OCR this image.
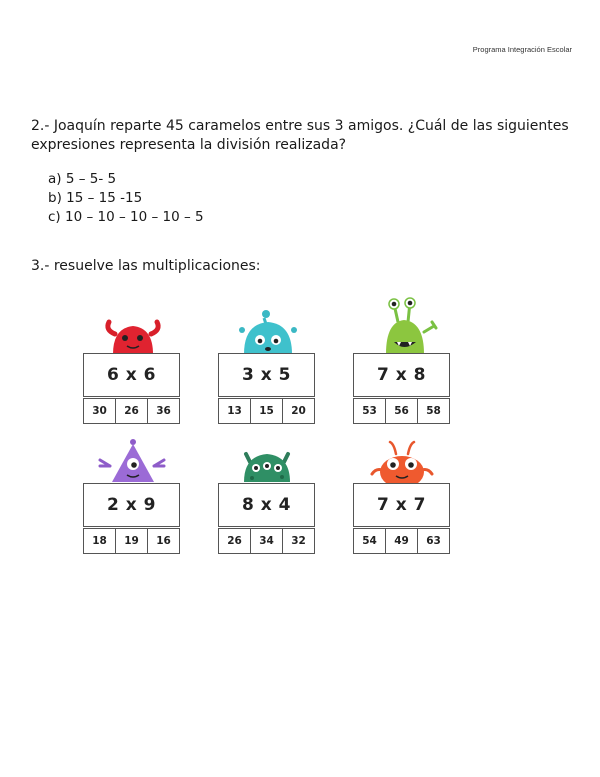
Programa Integración Escolar
2.- Joaquín reparte 45 caramelos entre sus 3 amigos. ¿Cuál de las siguientes expresiones representa la división realizada?
a) 5 – 5- 5
b) 15 – 15 -15
c) 10 – 10 – 10 – 10 – 5
3.- resuelve las multiplicaciones:
6 x 6
30	26	36
3 x 5
13	15	20
7 x 8
53	56	58
2 x 9
18	19	16
8 x 4
26	34	32
7 x 7
54	49	63
